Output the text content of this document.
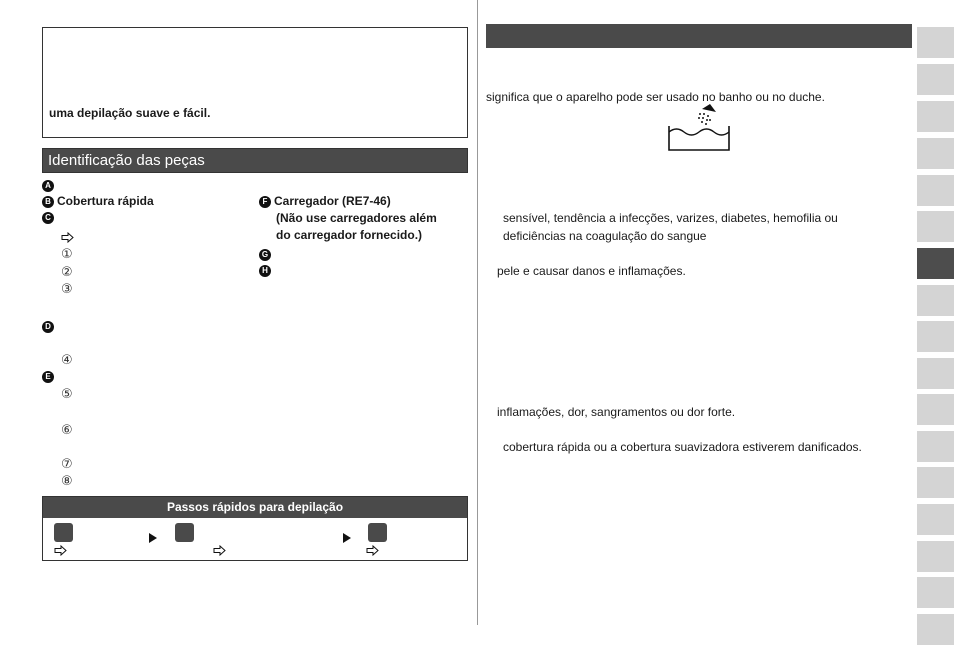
uma depilação suave e fácil.
Identificação das peças
A
B Cobertura rápida
C
①
②
③
D
④
E
⑤
⑥
⑦
⑧
F Carregador (RE7-46)
(Não use carregadores além
do carregador fornecido.)
G
H
Passos rápidos para depilação
significa que o aparelho pode ser usado no banho ou no duche.
sensível, tendência a infecções, varizes, diabetes, hemofilia ou
deficiências na coagulação do sangue
pele e causar danos e inflamações.
inflamações, dor, sangramentos ou dor forte.
cobertura rápida ou a cobertura suavizadora estiverem danificados.
